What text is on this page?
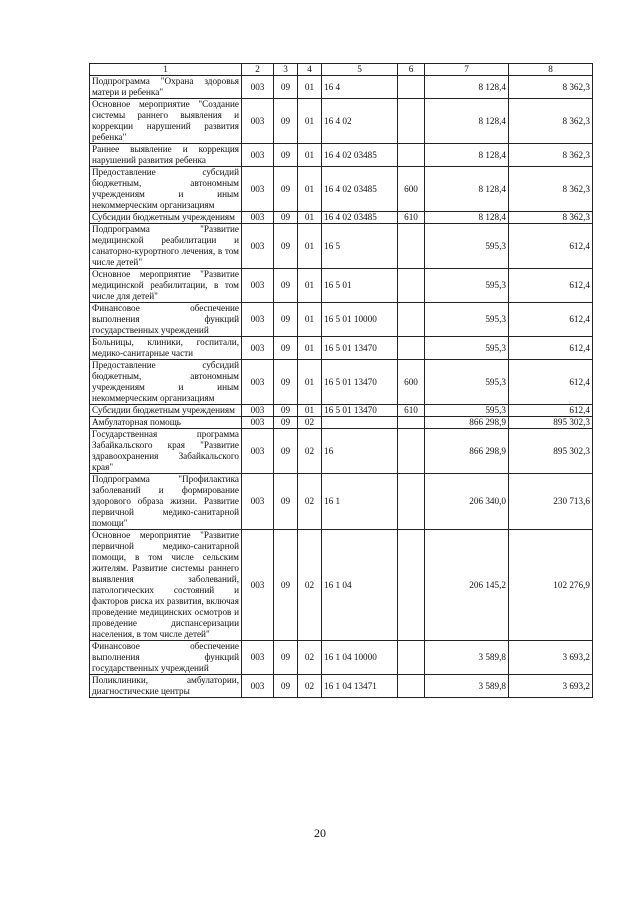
1	2	3	4	5	6	7	8
Подпрограмма "Охрана здоровья матери и ребенка"	003	09	01	16 4		8 128,4	8 362,3
Основное мероприятие "Создание системы раннего выявления и коррекции нарушений развития ребенка"	003	09	01	16 4 02		8 128,4	8 362,3
Раннее выявление и коррекция нарушений развития ребенка	003	09	01	16 4 02 03485		8 128,4	8 362,3
Предоставление субсидий бюджетным, автономным учреждениям и иным некоммерческим организациям	003	09	01	16 4 02 03485	600	8 128,4	8 362,3
Субсидии бюджетным учреждениям	003	09	01	16 4 02 03485	610	8 128,4	8 362,3
Подпрограмма "Развитие медицинской реабилитации и санаторно-курортного лечения, в том числе детей"	003	09	01	16 5		595,3	612,4
Основное мероприятие "Развитие медицинской реабилитации, в том числе для детей"	003	09	01	16 5 01		595,3	612,4
Финансовое обеспечение выполнения функций государственных учреждений	003	09	01	16 5 01 10000		595,3	612,4
Больницы, клиники, госпитали, медико-санитарные части	003	09	01	16 5 01 13470		595,3	612,4
Предоставление субсидий бюджетным, автономным учреждениям и иным некоммерческим организациям	003	09	01	16 5 01 13470	600	595,3	612,4
Субсидии бюджетным учреждениям	003	09	01	16 5 01 13470	610	595,3	612,4
Амбулаторная помощь	003	09	02			866 298,9	895 302,3
Государственная программа Забайкальского края "Развитие здравоохранения Забайкальского края"	003	09	02	16		866 298,9	895 302,3
Подпрограмма "Профилактика заболеваний и формирование здорового образа жизни. Развитие первичной медико-санитарной помощи"	003	09	02	16 1		206 340,0	230 713,6
Основное мероприятие "Развитие первичной медико-санитарной помощи, в том числе сельским жителям. Развитие системы раннего выявления заболеваний, патологических состояний и факторов риска их развития, включая проведение медицинских осмотров и проведение диспансеризации населения, в том числе детей"	003	09	02	16 1 04		206 145,2	102 276,9
Финансовое обеспечение выполнения функций государственных учреждений	003	09	02	16 1 04 10000		3 589,8	3 693,2
Поликлиники, амбулатории, диагностические центры	003	09	02	16 1 04 13471		3 589,8	3 693,2
20
